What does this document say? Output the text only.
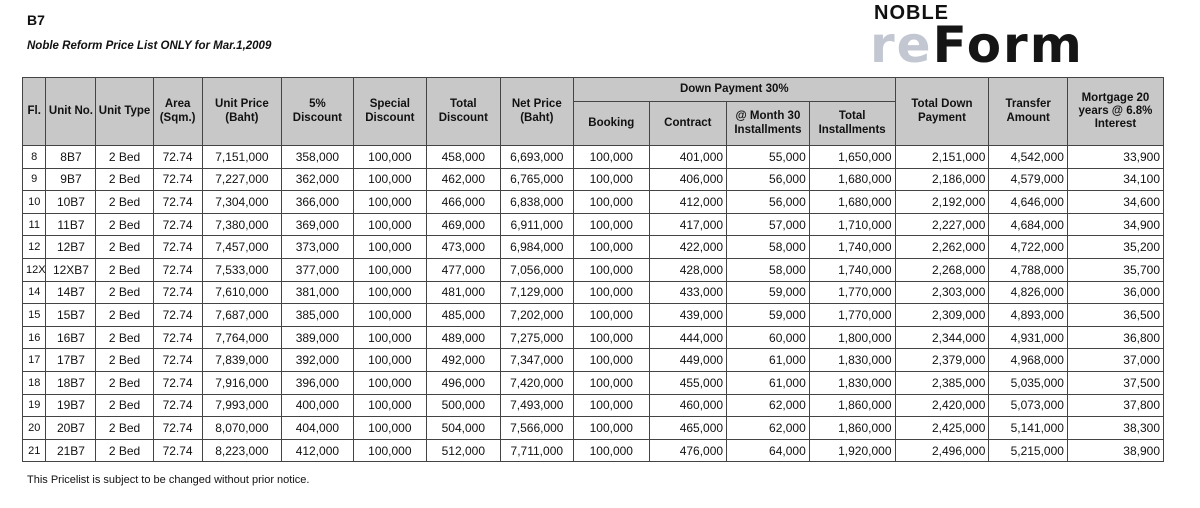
B7
Noble Reform Price List ONLY for Mar.1,2009
NOBLE
reForm
Fl.	Unit No.	Unit Type	Area (Sqm.)	Unit Price (Baht)	5% Discount	Special Discount	Total Discount	Net Price (Baht)	Down Payment 30%				Total Down Payment	Transfer Amount	Mortgage 20 years @ 6.8% Interest
									Booking	Contract	@ Month 30 Installments	Total Installments			
8	8B7	2 Bed	72.74	7,151,000	358,000	100,000	458,000	6,693,000	100,000	401,000	55,000	1,650,000	2,151,000	4,542,000	33,900
9	9B7	2 Bed	72.74	7,227,000	362,000	100,000	462,000	6,765,000	100,000	406,000	56,000	1,680,000	2,186,000	4,579,000	34,100
10	10B7	2 Bed	72.74	7,304,000	366,000	100,000	466,000	6,838,000	100,000	412,000	56,000	1,680,000	2,192,000	4,646,000	34,600
11	11B7	2 Bed	72.74	7,380,000	369,000	100,000	469,000	6,911,000	100,000	417,000	57,000	1,710,000	2,227,000	4,684,000	34,900
12	12B7	2 Bed	72.74	7,457,000	373,000	100,000	473,000	6,984,000	100,000	422,000	58,000	1,740,000	2,262,000	4,722,000	35,200
12X	12XB7	2 Bed	72.74	7,533,000	377,000	100,000	477,000	7,056,000	100,000	428,000	58,000	1,740,000	2,268,000	4,788,000	35,700
14	14B7	2 Bed	72.74	7,610,000	381,000	100,000	481,000	7,129,000	100,000	433,000	59,000	1,770,000	2,303,000	4,826,000	36,000
15	15B7	2 Bed	72.74	7,687,000	385,000	100,000	485,000	7,202,000	100,000	439,000	59,000	1,770,000	2,309,000	4,893,000	36,500
16	16B7	2 Bed	72.74	7,764,000	389,000	100,000	489,000	7,275,000	100,000	444,000	60,000	1,800,000	2,344,000	4,931,000	36,800
17	17B7	2 Bed	72.74	7,839,000	392,000	100,000	492,000	7,347,000	100,000	449,000	61,000	1,830,000	2,379,000	4,968,000	37,000
18	18B7	2 Bed	72.74	7,916,000	396,000	100,000	496,000	7,420,000	100,000	455,000	61,000	1,830,000	2,385,000	5,035,000	37,500
19	19B7	2 Bed	72.74	7,993,000	400,000	100,000	500,000	7,493,000	100,000	460,000	62,000	1,860,000	2,420,000	5,073,000	37,800
20	20B7	2 Bed	72.74	8,070,000	404,000	100,000	504,000	7,566,000	100,000	465,000	62,000	1,860,000	2,425,000	5,141,000	38,300
21	21B7	2 Bed	72.74	8,223,000	412,000	100,000	512,000	7,711,000	100,000	476,000	64,000	1,920,000	2,496,000	5,215,000	38,900
This Pricelist is subject to be changed without prior notice.
